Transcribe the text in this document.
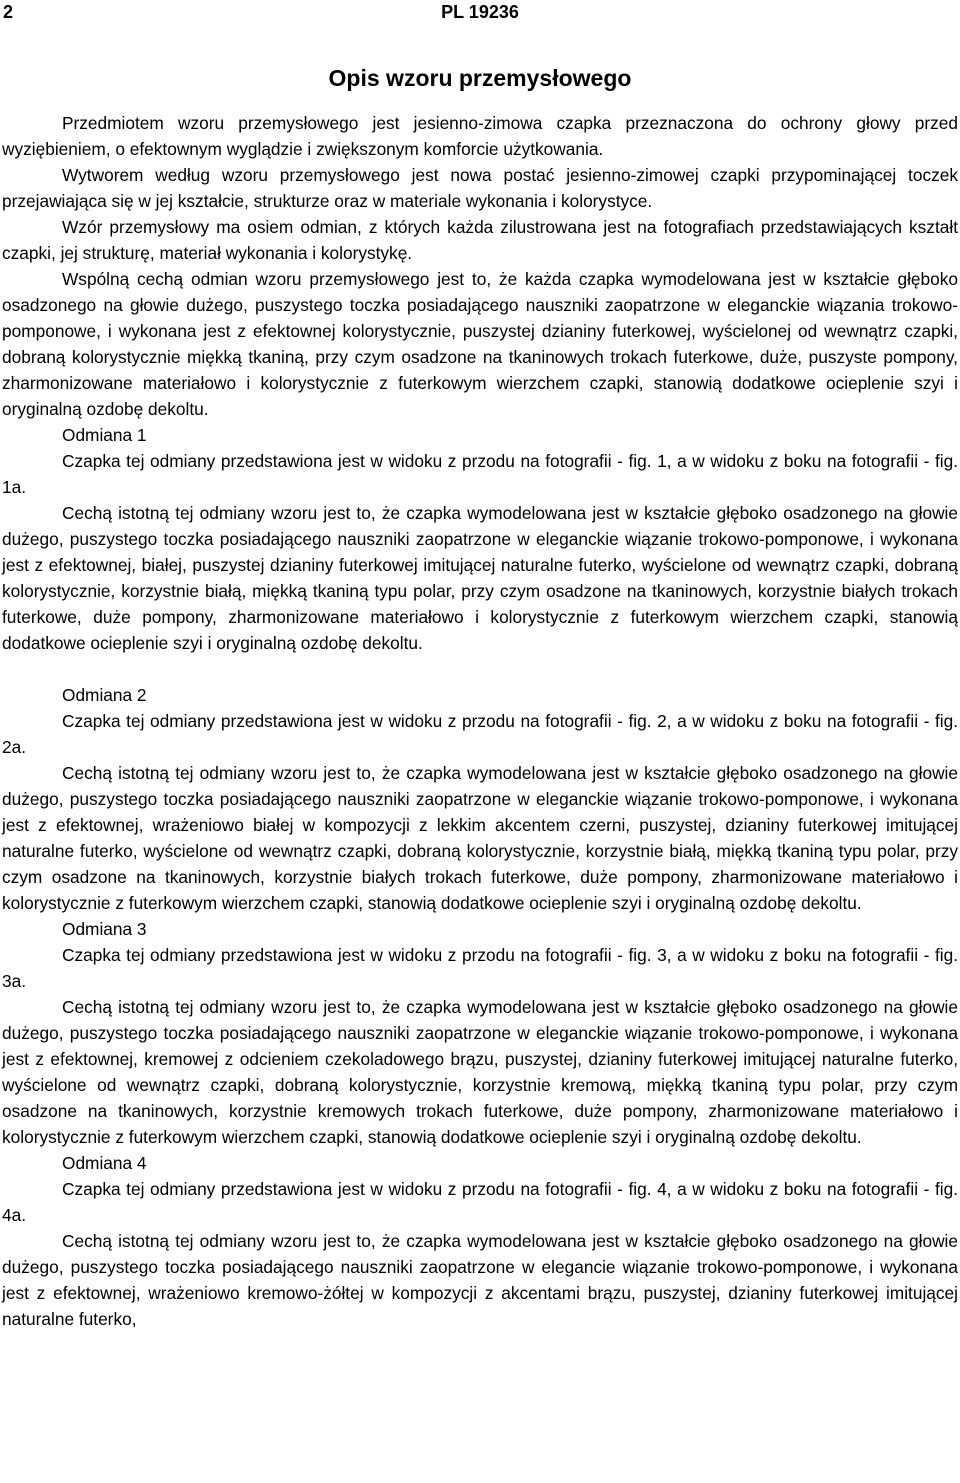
2	PL 19236
Opis wzoru przemysłowego

Przedmiotem wzoru przemysłowego jest jesienno-zimowa czapka przeznaczona do ochrony głowy przed wyziębieniem, o efektownym wyglądzie i zwiększonym komforcie użytkowania.

Wytworem według wzoru przemysłowego jest nowa postać jesienno-zimowej czapki przypominającej toczek przejawiająca się w jej kształcie, strukturze oraz w materiale wykonania i kolorystyce.

Wzór przemysłowy ma osiem odmian, z których każda zilustrowana jest na fotografiach przedstawiających kształt czapki, jej strukturę, materiał wykonania i kolorystykę.

Wspólną cechą odmian wzoru przemysłowego jest to, że każda czapka wymodelowana jest w kształcie głęboko osadzonego na głowie dużego, puszystego toczka posiadającego nauszniki zaopatrzone w eleganckie wiązania trokowo-pomponowe, i wykonana jest z efektownej kolorystycznie, puszystej dzianiny futerkowej, wyścielonej od wewnątrz czapki, dobraną kolorystycznie miękką tkaniną, przy czym osadzone na tkaninowych trokach futerkowe, duże, puszyste pompony, zharmonizowane materiałowo i kolorystycznie z futerkowym wierzchem czapki, stanowią dodatkowe ocieplenie szyi i oryginalną ozdobę dekoltu.

Odmiana 1

Czapka tej odmiany przedstawiona jest w widoku z przodu na fotografii - fig. 1, a w widoku z boku na fotografii - fig. 1a.

Cechą istotną tej odmiany wzoru jest to, że czapka wymodelowana jest w kształcie głęboko osadzonego na głowie dużego, puszystego toczka posiadającego nauszniki zaopatrzone w eleganckie wiązanie trokowo-pomponowe, i wykonana jest z efektownej, białej, puszystej dzianiny futerkowej imitującej naturalne futerko, wyścielone od wewnątrz czapki, dobraną kolorystycznie, korzystnie białą, miękką tkaniną typu polar, przy czym osadzone na tkaninowych, korzystnie białych trokach futerkowe, duże pompony, zharmonizowane materiałowo i kolorystycznie z futerkowym wierzchem czapki, stanowią dodatkowe ocieplenie szyi i oryginalną ozdobę dekoltu.

Odmiana 2

Czapka tej odmiany przedstawiona jest w widoku z przodu na fotografii - fig. 2, a w widoku z boku na fotografii - fig. 2a.

Cechą istotną tej odmiany wzoru jest to, że czapka wymodelowana jest w kształcie głęboko osadzonego na głowie dużego, puszystego toczka posiadającego nauszniki zaopatrzone w eleganckie wiązanie trokowo-pomponowe, i wykonana jest z efektownej, wrażeniowo białej w kompozycji z lekkim akcentem czerni, puszystej, dzianiny futerkowej imitującej naturalne futerko, wyścielone od wewnątrz czapki, dobraną kolorystycznie, korzystnie białą, miękką tkaniną typu polar, przy czym osadzone na tkaninowych, korzystnie białych trokach futerkowe, duże pompony, zharmonizowane materiałowo i kolorystycznie z futerkowym wierzchem czapki, stanowią dodatkowe ocieplenie szyi i oryginalną ozdobę dekoltu.

Odmiana 3

Czapka tej odmiany przedstawiona jest w widoku z przodu na fotografii - fig. 3, a w widoku z boku na fotografii - fig. 3a.

Cechą istotną tej odmiany wzoru jest to, że czapka wymodelowana jest w kształcie głęboko osadzonego na głowie dużego, puszystego toczka posiadającego nauszniki zaopatrzone w eleganckie wiązanie trokowo-pomponowe, i wykonana jest z efektownej, kremowej z odcieniem czekoladowego brązu, puszystej, dzianiny futerkowej imitującej naturalne futerko, wyścielone od wewnątrz czapki, dobraną kolorystycznie, korzystnie kremową, miękką tkaniną typu polar, przy czym osadzone na tkaninowych, korzystnie kremowych trokach futerkowe, duże pompony, zharmonizowane materiałowo i kolorystycznie z futerkowym wierzchem czapki, stanowią dodatkowe ocieplenie szyi i oryginalną ozdobę dekoltu.

Odmiana 4

Czapka tej odmiany przedstawiona jest w widoku z przodu na fotografii - fig. 4, a w widoku z boku na fotografii - fig. 4a.

Cechą istotną tej odmiany wzoru jest to, że czapka wymodelowana jest w kształcie głęboko osadzonego na głowie dużego, puszystego toczka posiadającego nauszniki zaopatrzone w elegancie wiązanie trokowo-pomponowe, i wykonana jest z efektownej, wrażeniowo kremowo-żółtej w kompozycji z akcentami brązu, puszystej, dzianiny futerkowej imitującej naturalne futerko,
